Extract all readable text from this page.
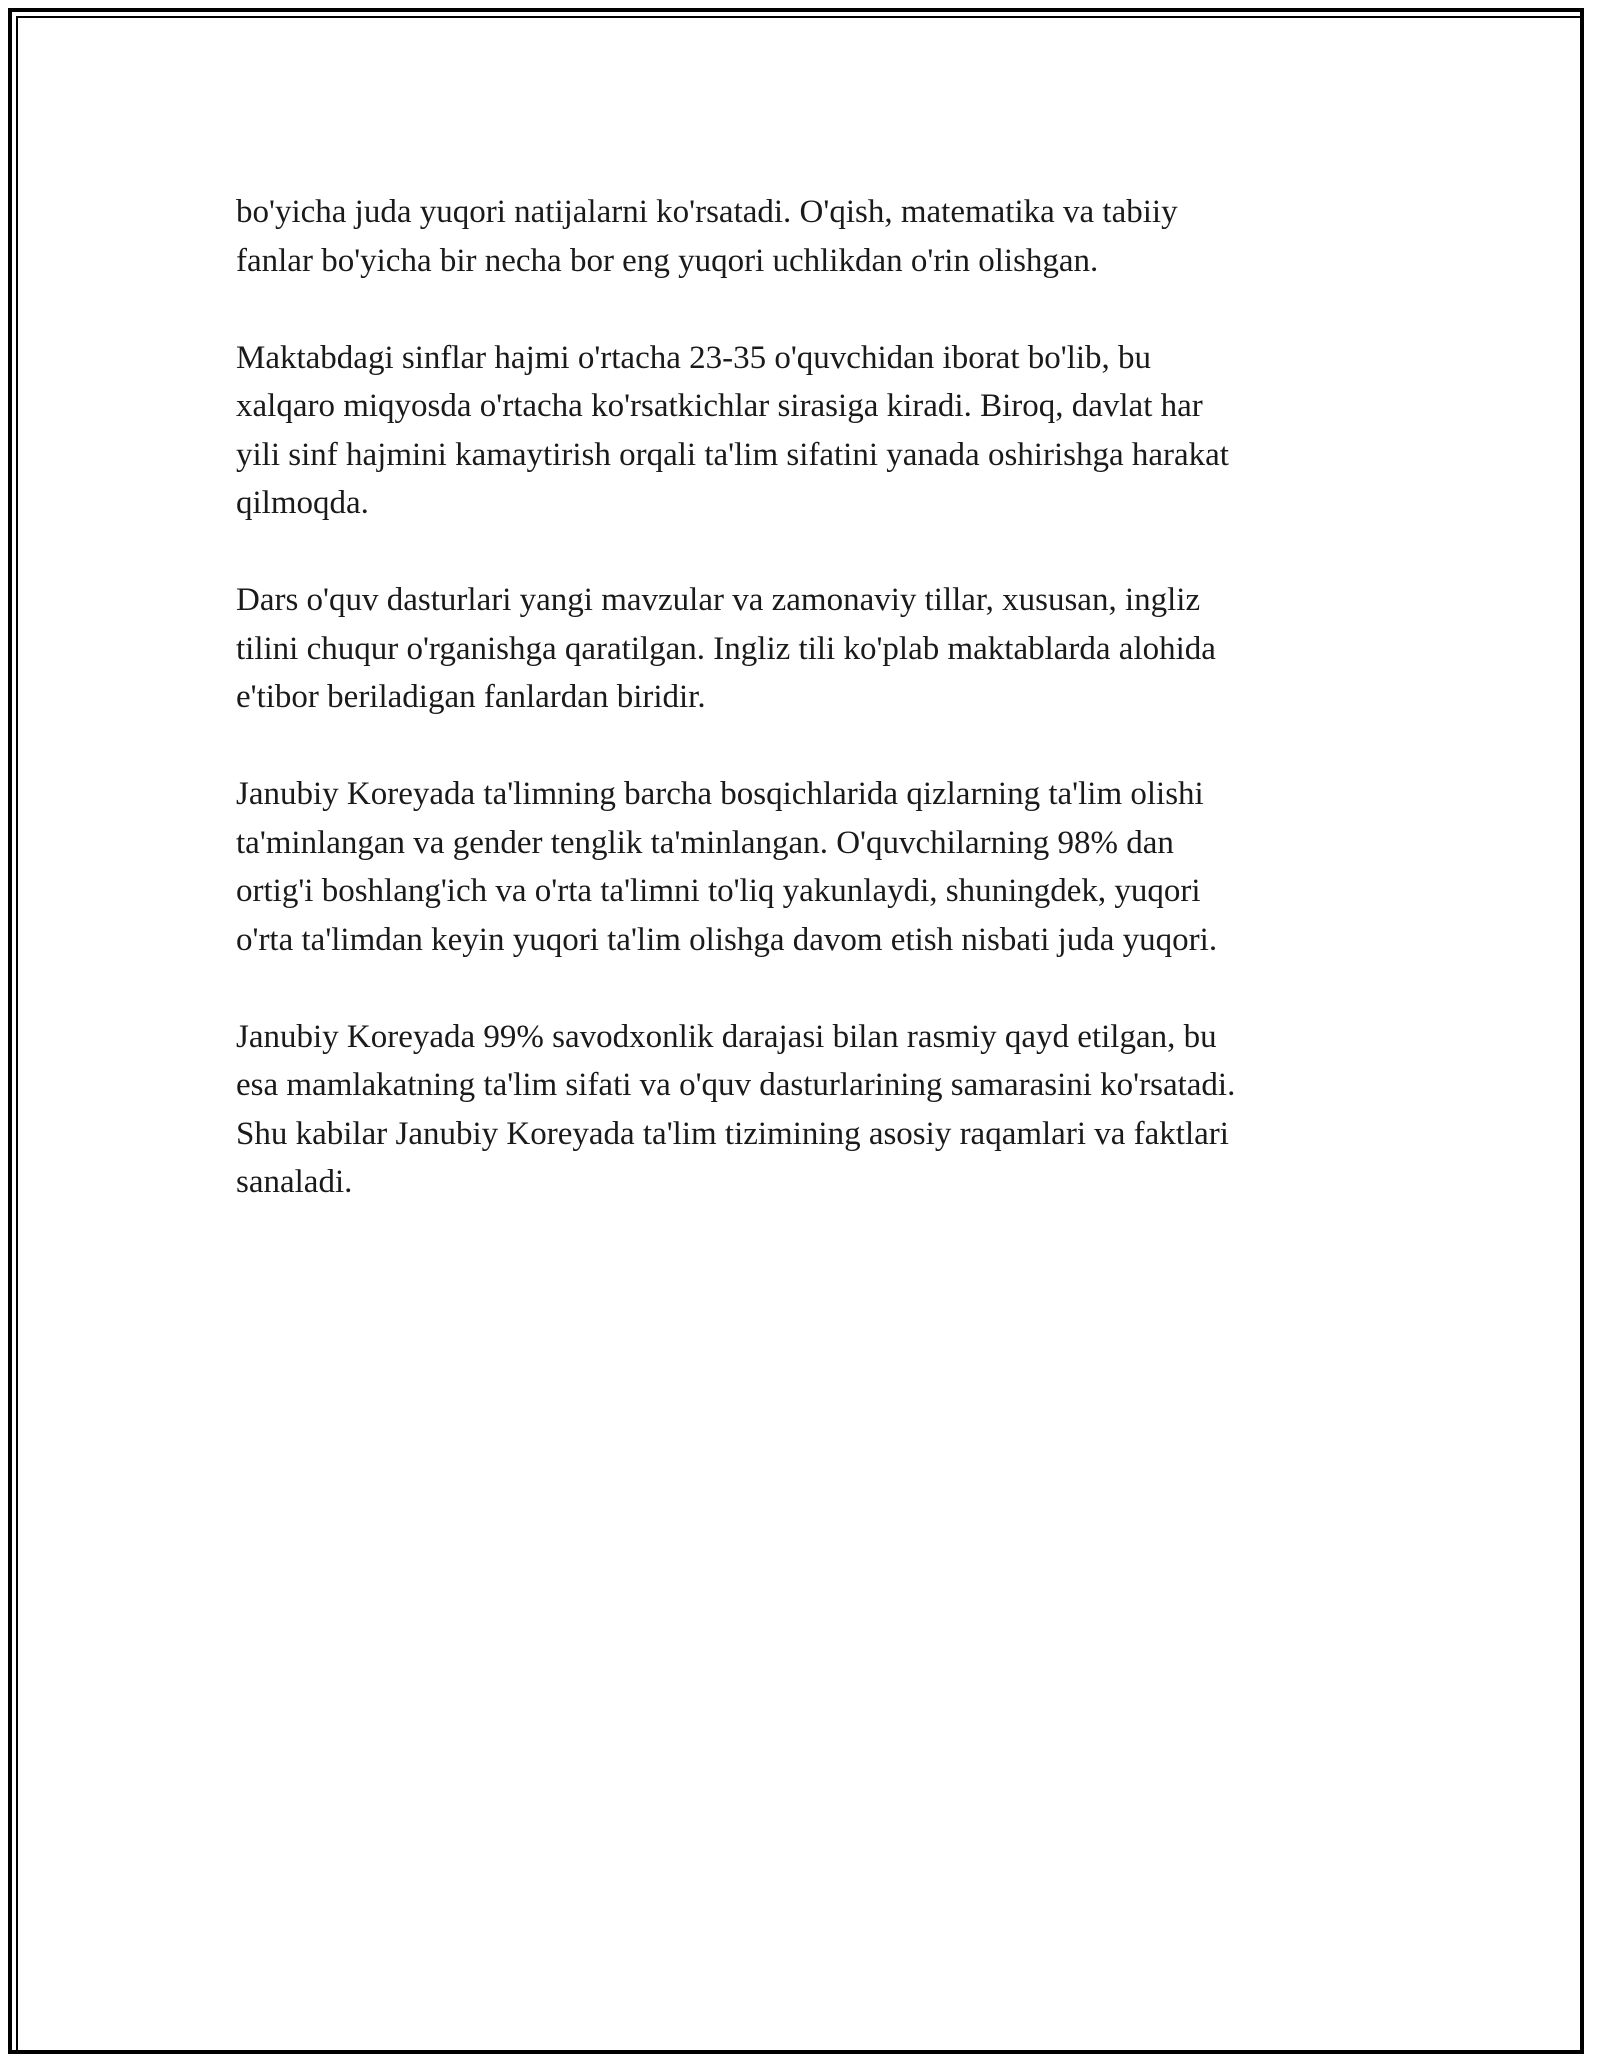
bo'yicha juda yuqori natijalarni ko'rsatadi. O'qish, matematika va tabiiy
fanlar bo'yicha bir necha bor eng yuqori uchlikdan o'rin olishgan.

Maktabdagi sinflar hajmi o'rtacha 23-35 o'quvchidan iborat bo'lib, bu
xalqaro miqyosda o'rtacha ko'rsatkichlar sirasiga kiradi. Biroq, davlat har
yili sinf hajmini kamaytirish orqali ta'lim sifatini yanada oshirishga harakat
qilmoqda.

Dars o'quv dasturlari yangi mavzular va zamonaviy tillar, xususan, ingliz
tilini chuqur o'rganishga qaratilgan. Ingliz tili ko'plab maktablarda alohida
e'tibor beriladigan fanlardan biridir.

Janubiy Koreyada ta'limning barcha bosqichlarida qizlarning ta'lim olishi
ta'minlangan va gender tenglik ta'minlangan. O'quvchilarning 98% dan
ortig'i boshlang'ich va o'rta ta'limni to'liq yakunlaydi, shuningdek, yuqori
o'rta ta'limdan keyin yuqori ta'lim olishga davom etish nisbati juda yuqori.

Janubiy Koreyada 99% savodxonlik darajasi bilan rasmiy qayd etilgan, bu
esa mamlakatning ta'lim sifati va o'quv dasturlarining samarasini ko'rsatadi.
Shu kabilar Janubiy Koreyada ta'lim tizimining asosiy raqamlari va faktlari
sanaladi.
